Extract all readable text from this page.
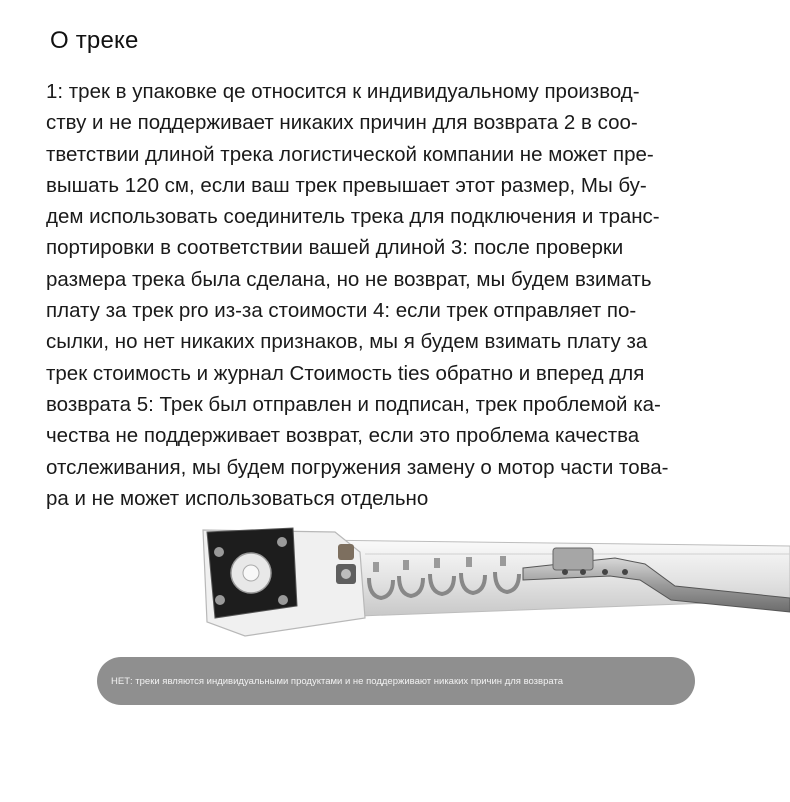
О треке
1: трек в упаковке qe относится к индивидуальному производ-
ству и не поддерживает никаких причин для возврата 2 в соо-
тветствии длиной трека логистической компании не может пре-
вышать 120 см, если ваш трек превышает этот размер, Мы бу-
дем использовать соединитель трека для подключения и транс-
портировки в соответствии вашей длиной 3: после проверки
размера трека была сделана, но не возврат, мы будем взимать
плату за трек pro из-за стоимости 4: если трек отправляет по-
сылки, но нет никаких признаков, мы я будем взимать плату за
трек стоимость и журнал Стоимость ties обратно и вперед для
возврата 5: Трек был отправлен и подписан, трек проблемой ка-
чества не поддерживает возврат, если это проблема качества
отслеживания, мы будем погружения замену о мотор части това-
ра и не может использоваться отдельно
НЕТ: треки являются индивидуальными продуктами и не поддерживают никаких причин для возврата
